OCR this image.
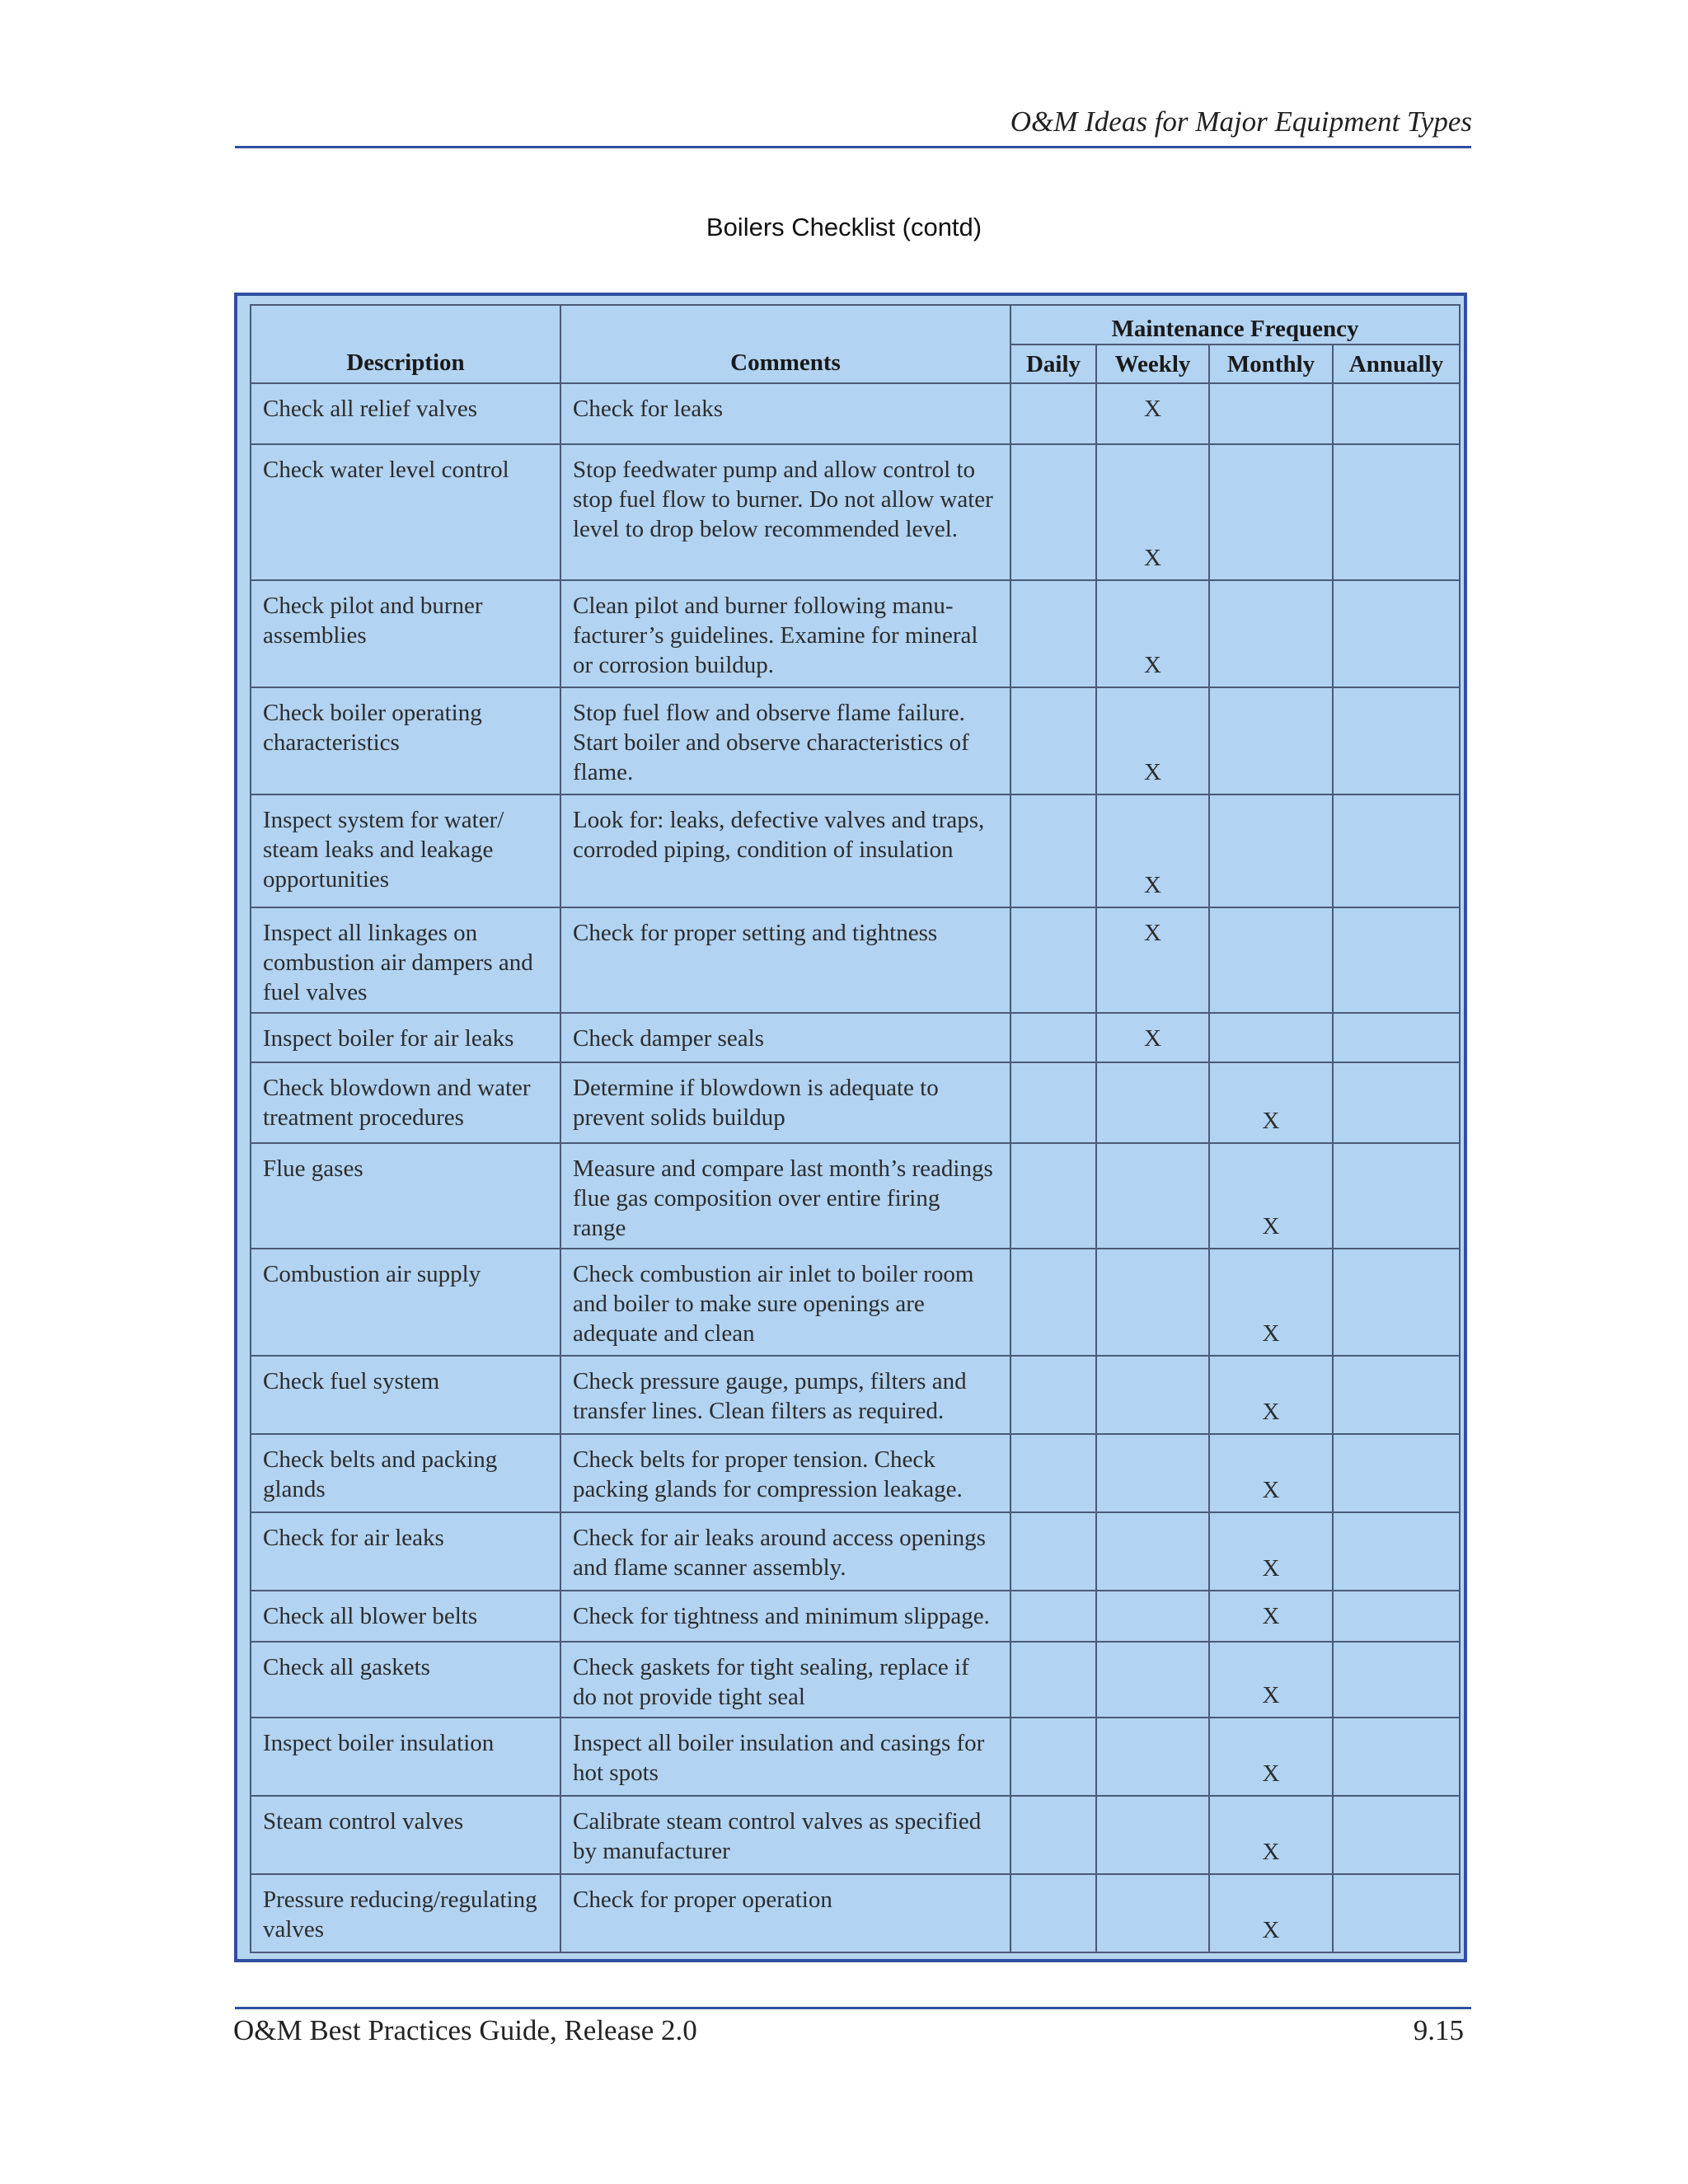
O&M Ideas for Major Equipment Types
Boilers Checklist (contd)
Description	Comments	Maintenance Frequency			
		Daily	Weekly	Monthly	Annually
Check all relief valves	Check for leaks		X		
Check water level control	Stop feedwater pump and allow control to stop fuel flow to burner. Do not allow water level to drop below recommended level.		X		
Check pilot and burner assemblies	Clean pilot and burner following manu-facturer’s guidelines. Examine for mineral or corrosion buildup.		X		
Check boiler operating characteristics	Stop fuel flow and observe flame failure. Start boiler and observe characteristics of flame.		X		
Inspect system for water/ steam leaks and leakage opportunities	Look for: leaks, defective valves and traps, corroded piping, condition of insulation		X		
Inspect all linkages on combustion air dampers and fuel valves	Check for proper setting and tightness		X		
Inspect boiler for air leaks	Check damper seals		X		
Check blowdown and water treatment procedures	Determine if blowdown is adequate to prevent solids buildup			X	
Flue gases	Measure and compare last month’s readings flue gas composition over entire firing range			X	
Combustion air supply	Check combustion air inlet to boiler room and boiler to make sure openings are adequate and clean			X	
Check fuel system	Check pressure gauge, pumps, filters and transfer lines. Clean filters as required.			X	
Check belts and packing glands	Check belts for proper tension. Check packing glands for compression leakage.			X	
Check for air leaks	Check for air leaks around access openings and flame scanner assembly.			X	
Check all blower belts	Check for tightness and minimum slippage.			X	
Check all gaskets	Check gaskets for tight sealing, replace if do not provide tight seal			X	
Inspect boiler insulation	Inspect all boiler insulation and casings for hot spots			X	
Steam control valves	Calibrate steam control valves as specified by manufacturer			X	
Pressure reducing/regulating valves	Check for proper operation			X	
O&M Best Practices Guide, Release 2.0	9.15
